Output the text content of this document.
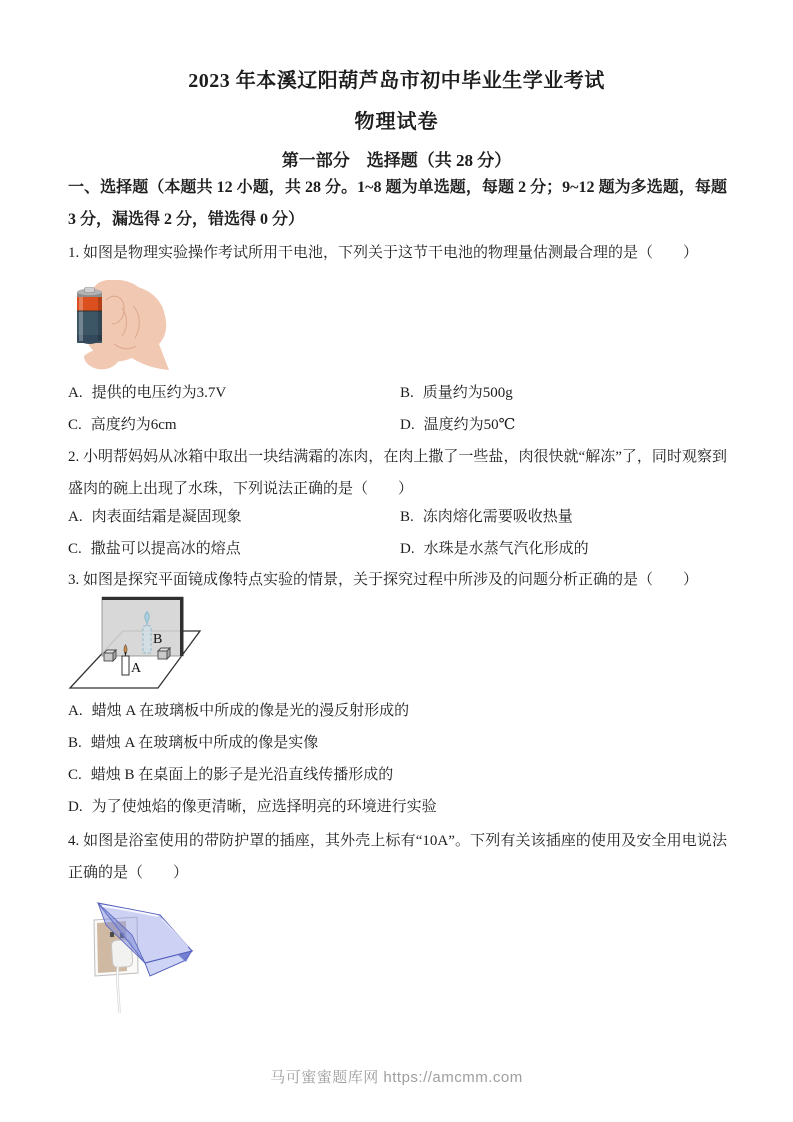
2023 年本溪辽阳葫芦岛市初中毕业生学业考试
物理试卷
第一部分　选择题（共 28 分）
一、选择题（本题共 12 小题，共 28 分。1~8 题为单选题，每题 2 分；9~12 题为多选题，每题 3 分，漏选得 2 分，错选得 0 分）
1. 如图是物理实验操作考试所用干电池，下列关于这节干电池的物理量估测最合理的是（　　）
A. 提供的电压约为3.7V	B. 质量约为500g
C. 高度约为6cm	D. 温度约为50℃
2. 小明帮妈妈从冰箱中取出一块结满霜的冻肉，在肉上撒了一些盐，肉很快就“解冻”了，同时观察到盛肉的碗上出现了水珠，下列说法正确的是（　　）
A. 肉表面结霜是凝固现象	B. 冻肉熔化需要吸收热量
C. 撒盐可以提高冰的熔点	D. 水珠是水蒸气汽化形成的
3. 如图是探究平面镜成像特点实验的情景，关于探究过程中所涉及的问题分析正确的是（　　）
B
A
A. 蜡烛 A 在玻璃板中所成的像是光的漫反射形成的
B. 蜡烛 A 在玻璃板中所成的像是实像
C. 蜡烛 B 在桌面上的影子是光沿直线传播形成的
D. 为了使烛焰的像更清晰，应选择明亮的环境进行实验
4. 如图是浴室使用的带防护罩的插座，其外壳上标有“10A”。下列有关该插座的使用及安全用电说法正确的是（　　）
马可蜜蜜题库网 https://amcmm.com
